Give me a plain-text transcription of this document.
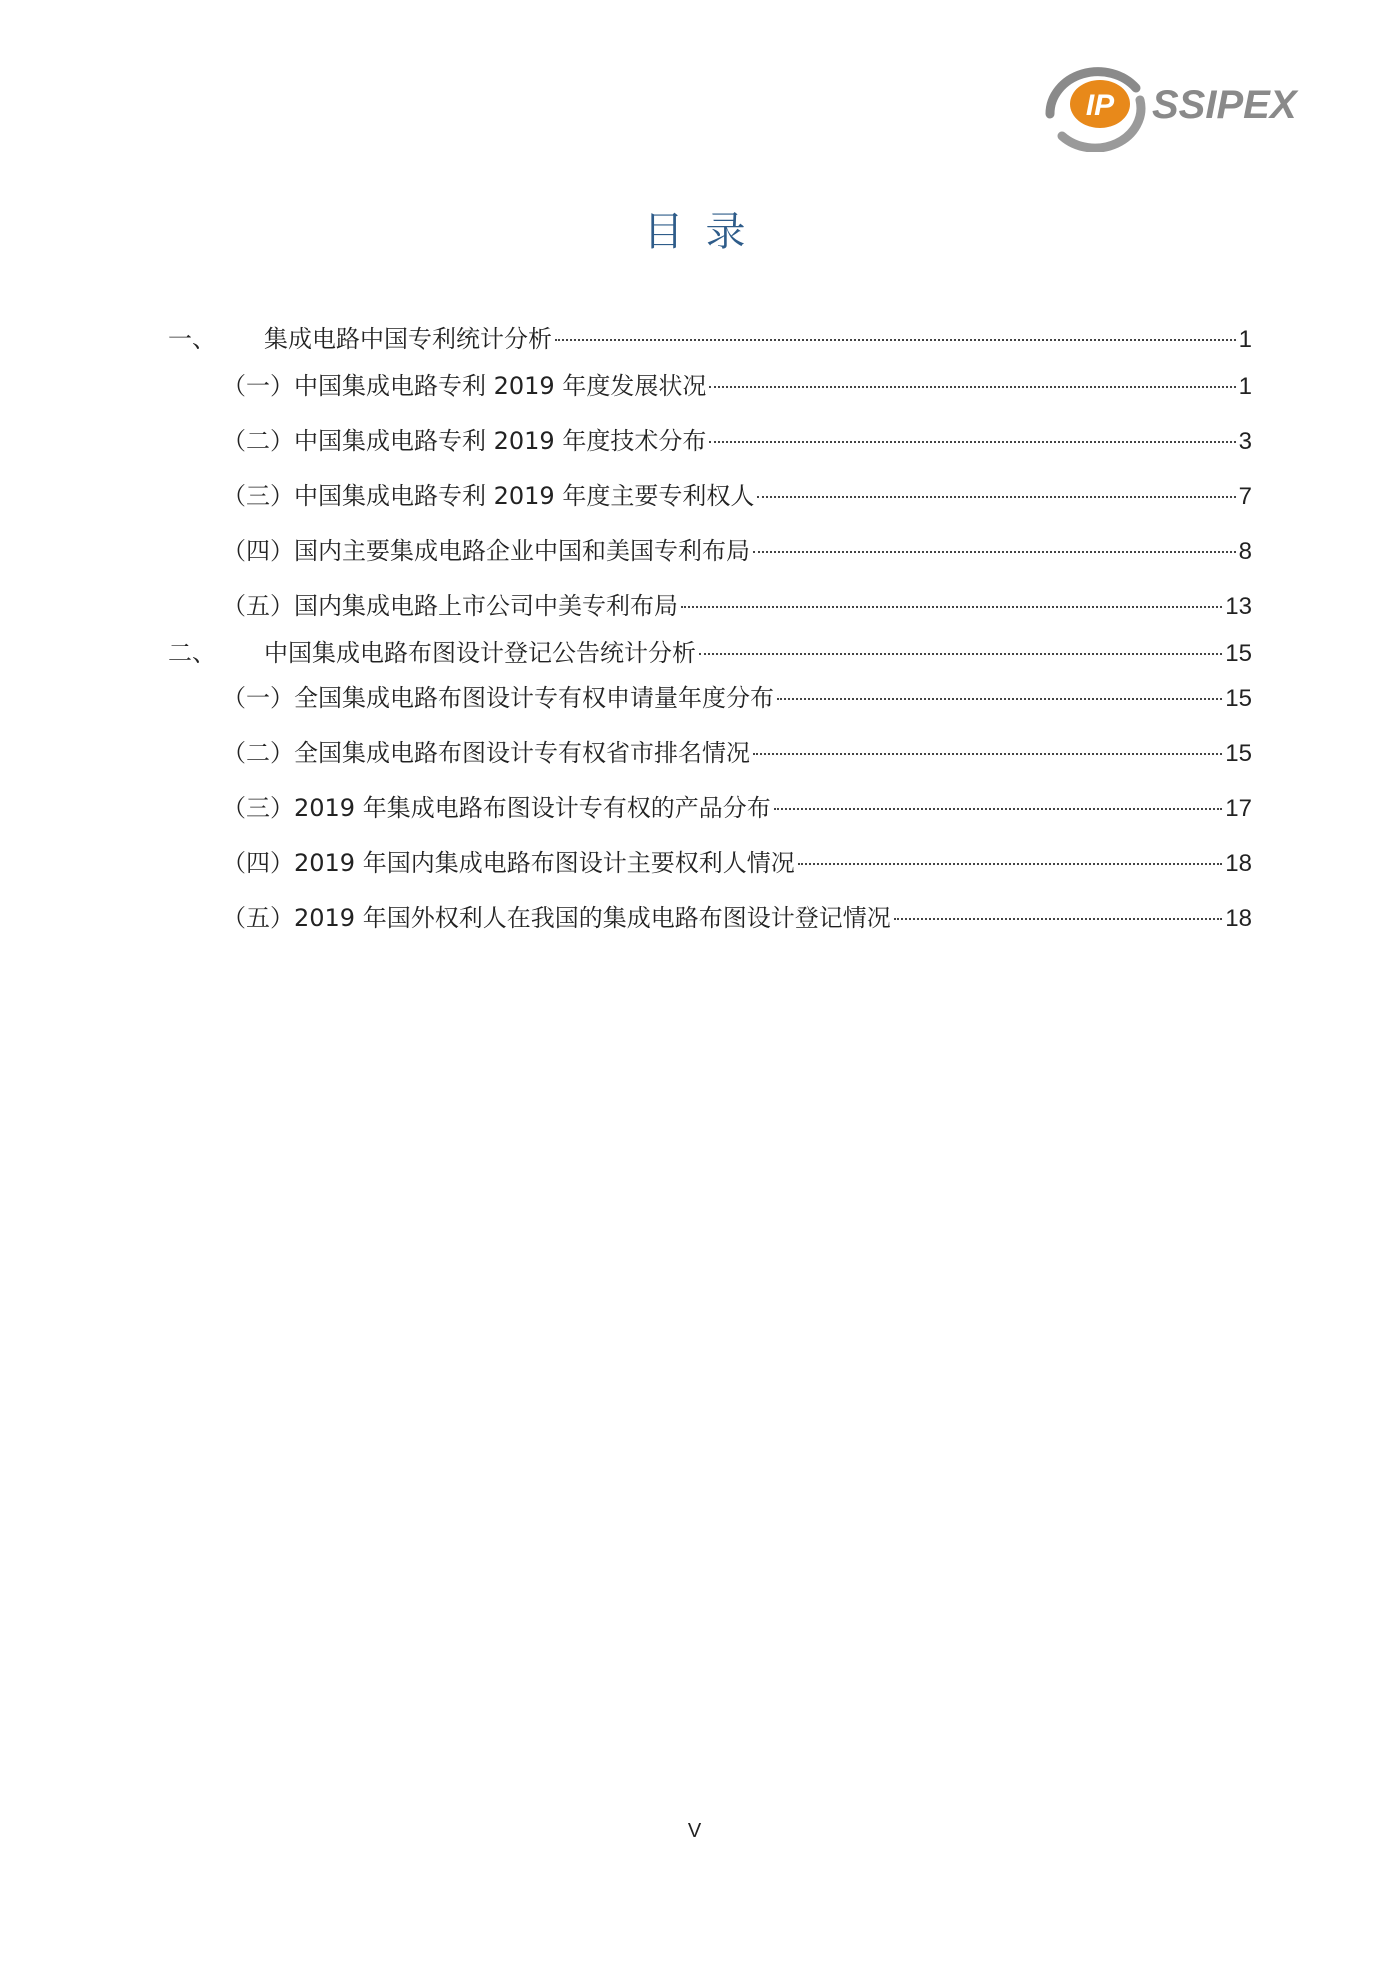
IP SSIPEX
目录
一、	集成电路中国专利统计分析	1
（一）中国集成电路专利 2019 年度发展状况	1
（二）中国集成电路专利 2019 年度技术分布	3
（三）中国集成电路专利 2019 年度主要专利权人	7
（四）国内主要集成电路企业中国和美国专利布局	8
（五）国内集成电路上市公司中美专利布局	13
二、	中国集成电路布图设计登记公告统计分析	15
（一）全国集成电路布图设计专有权申请量年度分布	15
（二）全国集成电路布图设计专有权省市排名情况	15
（三）2019 年集成电路布图设计专有权的产品分布	17
（四）2019 年国内集成电路布图设计主要权利人情况	18
（五）2019 年国外权利人在我国的集成电路布图设计登记情况	18
V
